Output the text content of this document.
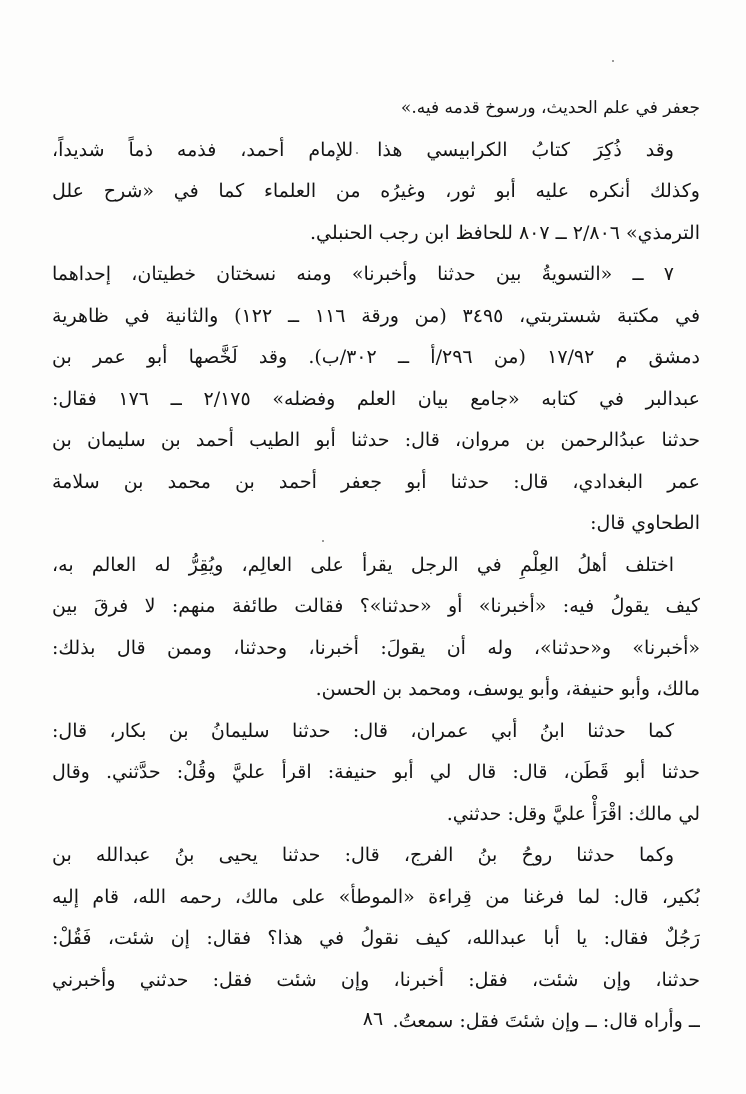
جعفر في علم الحديث، ورسوخ قدمه فيه.»
وقد ذُكِرَ كتابُ الكرابيسي هذا للإمام أحمد، فذمه ذماً شديداً،
وكذلك أنكره عليه أبو ثور، وغيرُه من العلماء كما في «شرح علل
الترمذي» ٢/٨٠٦ ــ ٨٠٧ للحافظ ابن رجب الحنبلي.
٧ ــ «التسويةُ بين حدثنا وأخبرنا» ومنه نسختان خطيتان، إحداهما
في مكتبة شستربتي، ٣٤٩٥ (من ورقة ١١٦ ــ ١٢٢) والثانية في ظاهرية
دمشق م ١٧/٩٢ (من ٢٩٦/أ ــ ٣٠٢/ب). وقد لَخَّصها أبو عمر بن
عبدالبر في كتابه «جامع بيان العلم وفضله» ٢/١٧٥ ــ ١٧٦ فقال:
حدثنا عبدُالرحمن بن مروان، قال: حدثنا أبو الطيب أحمد بن سليمان بن
عمر البغدادي، قال: حدثنا أبو جعفر أحمد بن محمد بن سلامة
الطحاوي قال:
اختلف أهلُ العِلْمِ في الرجل يقرأ على العالِم، ويُقِرُّ له العالم به،
كيف يقولُ فيه: «أخبرنا» أو «حدثنا»؟ فقالت طائفة منهم: لا فرقَ بين
«أخبرنا» و«حدثنا»، وله أن يقولَ: أخبرنا، وحدثنا، وممن قال بذلك:
مالك، وأبو حنيفة، وأبو يوسف، ومحمد بن الحسن.
كما حدثنا ابنُ أبي عمران، قال: حدثنا سليمانُ بن بكار، قال:
حدثنا أبو قَطَن، قال: قال لي أبو حنيفة: اقرأ عليَّ وقُلْ: حدَّثني. وقال
لي مالك: اقْرَأْ عليَّ وقل: حدثني.
وكما حدثنا روحُ بنُ الفرج، قال: حدثنا يحيى بنُ عبدالله بن
بُكير، قال: لما فرغنا من قِراءة «الموطأ» على مالك، رحمه الله، قام إليه
رَجُلٌ فقال: يا أبا عبدالله، كيف نقولُ في هذا؟ فقال: إن شئت، فَقُلْ:
حدثنا، وإن شئت، فقل: أخبرنا، وإن شئت فقل: حدثني وأخبرني
ــ وأراه قال: ــ وإن شئتَ فقل: سمعتُ.
٨٦
